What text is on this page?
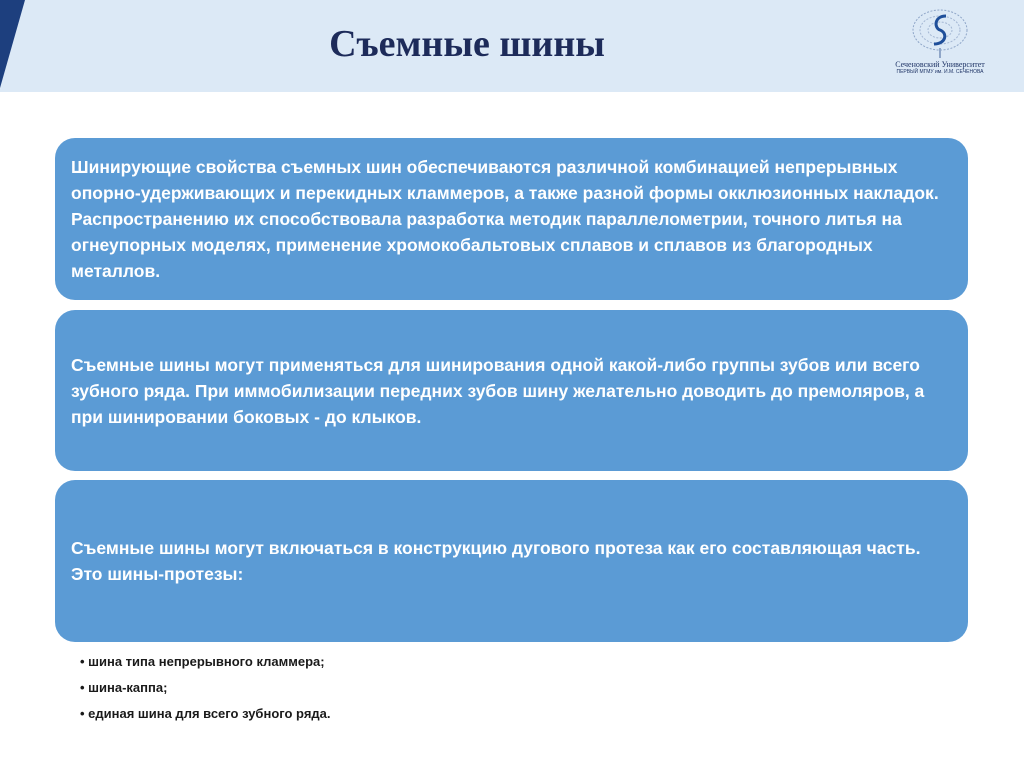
Съемные шины	Сеченовский Университет
ПЕРВЫЙ МГМУ им. И.М. СЕЧЕНОВА
Шинирующие свойства съемных шин обеспечиваются различной комбинацией непрерывных опорно-удерживающих и перекидных кламмеров, а также разной формы окклюзионных накладок. Распространению их способствовала разработка методик параллелометрии, точного литья на огнеупорных моделях, применение хромокобальтовых сплавов и сплавов из благородных металлов.
Съемные шины могут применяться для шинирования одной какой-либо группы зубов или всего зубного ряда. При иммобилизации передних зубов шину желательно доводить до премоляров, а при шинировании боковых - до клыков.
Съемные шины могут включаться в конструкцию дугового протеза как его составляющая часть. Это шины-протезы:
• шина типа непрерывного кламмера;
• шина-каппа;
• единая шина для всего зубного ряда.
